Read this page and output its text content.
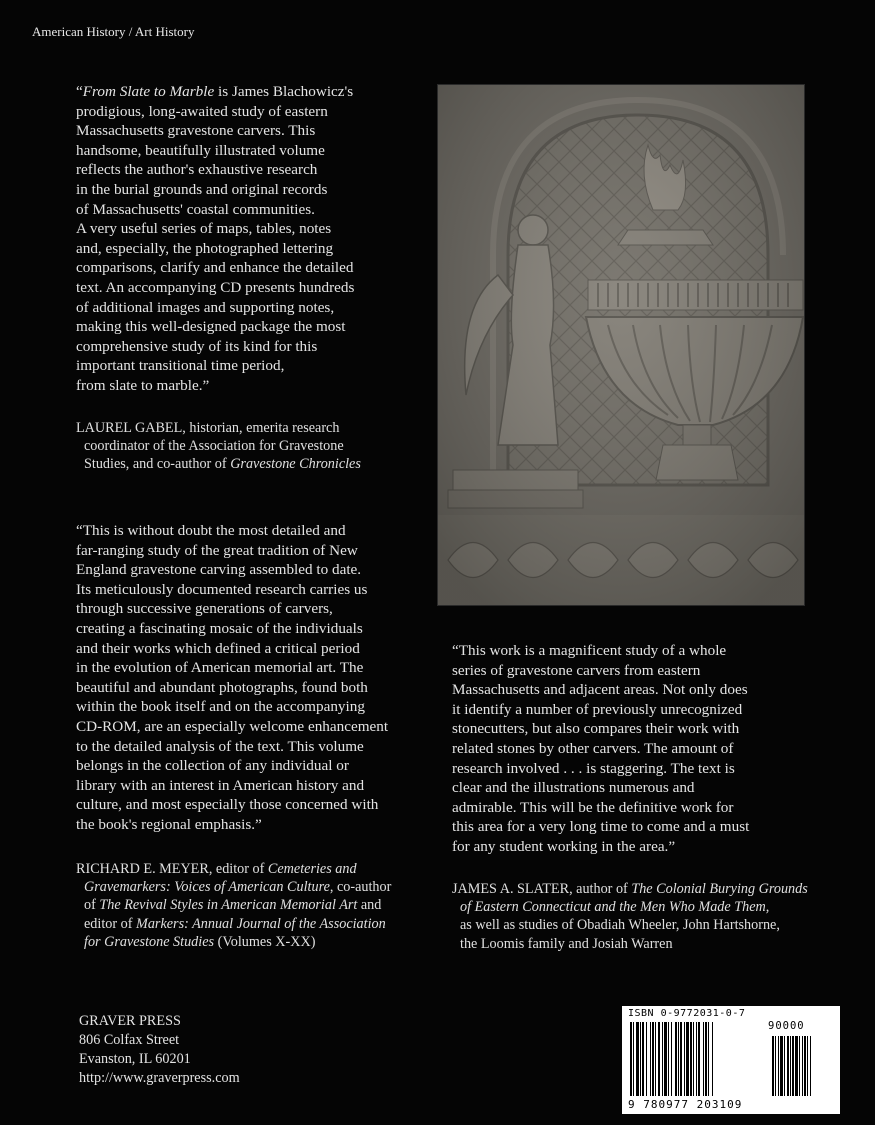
American History / Art History
“From Slate to Marble is James Blachowicz's
prodigious, long-awaited study of eastern
Massachusetts gravestone carvers. This
handsome, beautifully illustrated volume
reflects the author's exhaustive research
in the burial grounds and original records
of Massachusetts' coastal communities.
A very useful series of maps, tables, notes
and, especially, the photographed lettering
comparisons, clarify and enhance the detailed
text. An accompanying CD presents hundreds
of additional images and supporting notes,
making this well-designed package the most
comprehensive study of its kind for this
important transitional time period,
from slate to marble.”
LAUREL GABEL, historian, emerita research
coordinator of the Association for Gravestone
Studies, and co-author of Gravestone Chronicles
“This is without doubt the most detailed and
far-ranging study of the great tradition of New
England gravestone carving assembled to date.
Its meticulously documented research carries us
through successive generations of carvers,
creating a fascinating mosaic of the individuals
and their works which defined a critical period
in the evolution of American memorial art. The
beautiful and abundant photographs, found both
within the book itself and on the accompanying
CD-ROM, are an especially welcome enhancement
to the detailed analysis of the text. This volume
belongs in the collection of any individual or
library with an interest in American history and
culture, and most especially those concerned with
the book's regional emphasis.”
RICHARD E. MEYER, editor of Cemeteries and
Gravemarkers: Voices of American Culture, co-author
of The Revival Styles in American Memorial Art and
editor of Markers: Annual Journal of the Association
for Gravestone Studies (Volumes X-XX)
“This work is a magnificent study of a whole
series of gravestone carvers from eastern
Massachusetts and adjacent areas. Not only does
it identify a number of previously unrecognized
stonecutters, but also compares their work with
related stones by other carvers. The amount of
research involved . . . is staggering. The text is
clear and the illustrations numerous and
admirable. This will be the definitive work for
this area for a very long time to come and a must
for any student working in the area.”
JAMES A. SLATER, author of The Colonial Burying Grounds
of Eastern Connecticut and the Men Who Made Them,
as well as studies of Obadiah Wheeler, John Hartshorne,
the Loomis family and Josiah Warren
GRAVER PRESS
806 Colfax Street
Evanston, IL 60201
http://www.graverpress.com
ISBN 0-9772031-0-7
90000
9 780977 203109
